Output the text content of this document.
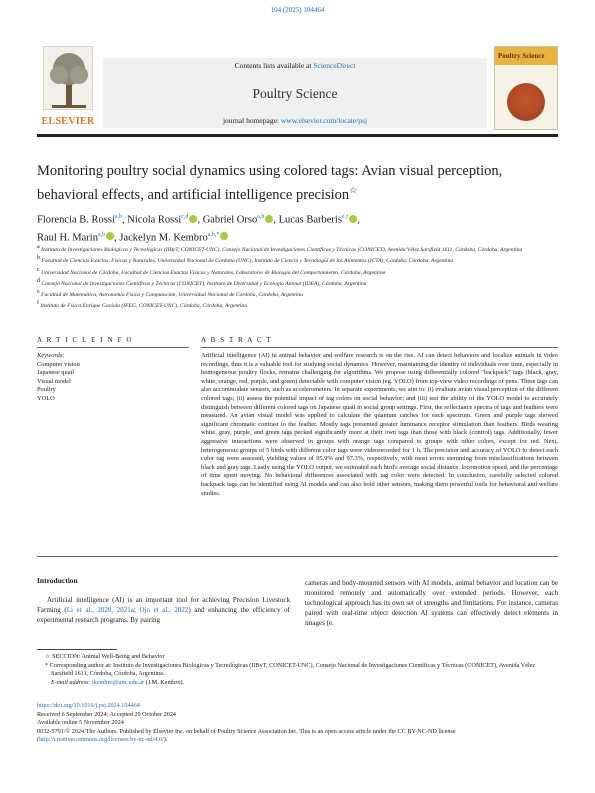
104 (2025) 104464
ELSEVIER
Contents lists available at ScienceDirect
Poultry Science
journal homepage: www.elsevier.com/locate/psj
Poultry Science
Monitoring poultry social dynamics using colored tags: Avian visual perception, behavioral effects, and artificial intelligence precision☆
Florencia B. Rossi$^{a,b}$, Nicola Rossi$^{c,d}$ , Gabriel Orso$^{a,b}$ , Lucas Barberis$^{e,f}$ ,
Raul H. Marin$^{a,b}$ , Jackelyn M. Kembro$^{a,b,*}$
$^a$ Instituto de Investigaciones Biológicas y Tecnológicas (IIByT, CONICET-UNC), Consejo Nacional de Investigaciones Científicas y Técnicas (CONICET), Avenida Vélez Sarsfield 1611, Córdoba, Córdoba, Argentina
$^b$ Facultad de Ciencias Exactas, Físicas y Naturales, Universidad Nacional de Córdoba (UNC), Instituto de Ciencia y Tecnología de los Alimentos (ICTA), Córdoba, Córdoba, Argentina
$^c$ Universidad Nacional de Córdoba, Facultad de Ciencias Exactas Físicas y Naturales, Laboratorio de Biología del Comportamiento, Córdoba, Argentina
$^d$ Consejo Nacional de Investigaciones Científicas y Técnicas (CONICET), Instituto de Diversidad y Ecología Animal (IDEA), Córdoba, Argentina
$^e$ Facultad de Matemática, Astronomía Física y Computación, Universidad Nacional de Córdoba, Córdoba, Argentina
$^f$ Instituto de Física Enrique Gaviola (IFEG, CONICET-UNC), Córdoba, Córdoba, Argentina
A R T I C L E I N F O	A B S T R A C T
Keywords:
Computer vision
Japanese quail
Visual model
Poultry
YOLO
Artificial intelligence (AI) in animal behavior and welfare research is on the rise. AI can detect behaviors and localize animals in video recordings, thus it is a valuable tool for studying social dynamics. However, maintaining the identity of individuals over time, especially in homogeneous poultry flocks, remains challenging for algorithms. We propose using differentially colored "backpack" tags (black, gray, white, orange, red, purple, and green) detectable with computer vision (eg. YOLO) from top-view video recordings of pens. These tags can also accommodate sensors, such as accelerometers. In separate experiments, we aim to: (i) evaluate avian visual perception of the different colored tags; (ii) assess the potential impact of tag colors on social behavior; and (iii) test the ability of the YOLO model to accurately distinguish between different colored tags on Japanese quail in social group settings. First, the reflectance spectra of tags and feathers were measured. An avian visual model was applied to calculate the quantum catches for each spectrum. Green and purple tags showed significant chromatic contrast to the feather. Mostly tags presented greater luminance receptor stimulation than feathers. Birds wearing white, gray, purple, and green tags pecked significantly more at their own tags than those with black (control) tags. Additionally, fewer aggressive interactions were observed in groups with orange tags compared to groups with other colors, except for red. Next, heterogeneous groups of 5 birds with different color tags were videorecorded for 1 h. The precision and accuracy of YOLO to detect each color tag were assessed, yielding values of 95.9% and 97.3%, respectively, with most errors stemming from misclassifications between black and gray tags. Lastly using the YOLO output, we estimated each bird's average social distance, locomotion speed, and the percentage of time spent moving. No behavioral differences associated with tag color were detected. In conclusion, carefully selected colored backpack tags can be identified using AI models and can also hold other sensors, making them powerful tools for behavioral and welfare studies.
Introduction
Artificial intelligence (AI) is an important tool for achieving Precision Livestock Farming (Li et al., 2020, 2021a; Ojo et al., 2022) and enhancing the efficiency of experimental research programs. By pairing
cameras and body-mounted sensors with AI models, animal behavior and location can be monitored remotely and automatically over extended periods. However, each technological approach has its own set of strengths and limitations. For instance, cameras paired with real-time object detection AI systems can effectively detect elements in images (e.
☆ SECCION: Animal Well-Being and Behavior
* Corresponding author at: Instituto de Investigaciones Biológicas y Tecnológicas (IIByT, CONICET-UNC), Consejo Nacional de Investigaciones Científicas y Técnicas (CONICET), Avenida Vélez Sarsfield 1611, Córdoba, Córdoba, Argentina.
E-mail address: jkembro@unc.edu.ar (J.M. Kembro).
https://doi.org/10.1016/j.psj.2024.104464
Received 6 September 2024; Accepted 29 October 2024
Available online 5 November 2024
0032-5791/© 2024 The Authors. Published by Elsevier Inc. on behalf of Poultry Science Association Inc. This is an open access article under the CC BY-NC-ND license (http://creativecommons.org/licenses/by-nc-nd/4.0/).
